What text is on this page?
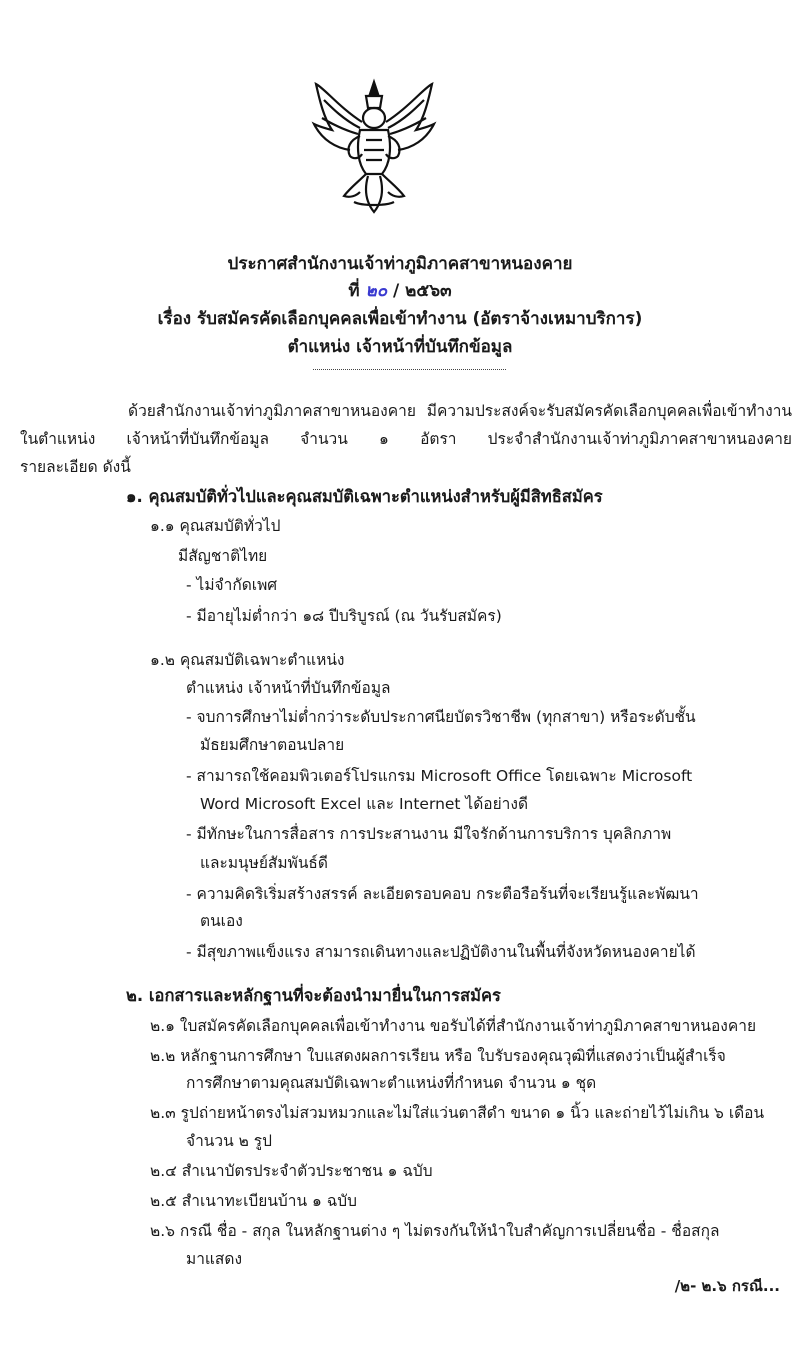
ประกาศสำนักงานเจ้าท่าภูมิภาคสาขาหนองคาย

ที่ ๒๐ / ๒๕๖๓

เรื่อง รับสมัครคัดเลือกบุคคลเพื่อเข้าทำงาน (อัตราจ้างเหมาบริการ)

ตำแหน่ง เจ้าหน้าที่บันทึกข้อมูล

ด้วยสำนักงานเจ้าท่าภูมิภาคสาขาหนองคาย มีความประสงค์จะรับสมัครคัดเลือกบุคคลเพื่อเข้าทำงาน

ในตำแหน่ง เจ้าหน้าที่บันทึกข้อมูล จำนวน ๑ อัตรา ประจำสำนักงานเจ้าท่าภูมิภาคสาขาหนองคาย

รายละเอียด ดังนี้

๑. คุณสมบัติทั่วไปและคุณสมบัติเฉพาะตำแหน่งสำหรับผู้มีสิทธิสมัคร

๑.๑ คุณสมบัติทั่วไป

มีสัญชาติไทย

- ไม่จำกัดเพศ

- มีอายุไม่ต่ำกว่า ๑๘ ปีบริบูรณ์ (ณ วันรับสมัคร)

๑.๒ คุณสมบัติเฉพาะตำแหน่ง

ตำแหน่ง เจ้าหน้าที่บันทึกข้อมูล

- จบการศึกษาไม่ต่ำกว่าระดับประกาศนียบัตรวิชาชีพ (ทุกสาขา) หรือระดับชั้น

มัธยมศึกษาตอนปลาย

- สามารถใช้คอมพิวเตอร์โปรแกรม Microsoft Office โดยเฉพาะ Microsoft

Word Microsoft Excel และ Internet ได้อย่างดี

- มีทักษะในการสื่อสาร การประสานงาน มีใจรักด้านการบริการ บุคลิกภาพ

และมนุษย์สัมพันธ์ดี

- ความคิดริเริ่มสร้างสรรค์ ละเอียดรอบคอบ กระตือรือร้นที่จะเรียนรู้และพัฒนา

ตนเอง

- มีสุขภาพแข็งแรง สามารถเดินทางและปฏิบัติงานในพื้นที่จังหวัดหนองคายได้

๒. เอกสารและหลักฐานที่จะต้องนำมายื่นในการสมัคร

๒.๑ ใบสมัครคัดเลือกบุคคลเพื่อเข้าทำงาน ขอรับได้ที่สำนักงานเจ้าท่าภูมิภาคสาขาหนองคาย

๒.๒ หลักฐานการศึกษา ใบแสดงผลการเรียน หรือ ใบรับรองคุณวุฒิที่แสดงว่าเป็นผู้สำเร็จ

การศึกษาตามคุณสมบัติเฉพาะตำแหน่งที่กำหนด จำนวน ๑ ชุด

๒.๓ รูปถ่ายหน้าตรงไม่สวมหมวกและไม่ใส่แว่นตาสีดำ ขนาด ๑ นิ้ว และถ่ายไว้ไม่เกิน ๖ เดือน

จำนวน ๒ รูป

๒.๔ สำเนาบัตรประจำตัวประชาชน ๑ ฉบับ

๒.๕ สำเนาทะเบียนบ้าน ๑ ฉบับ

๒.๖ กรณี ชื่อ - สกุล ในหลักฐานต่าง ๆ ไม่ตรงกันให้นำใบสำคัญการเปลี่ยนชื่อ - ชื่อสกุล

มาแสดง

/๒- ๒.๖ กรณี...
